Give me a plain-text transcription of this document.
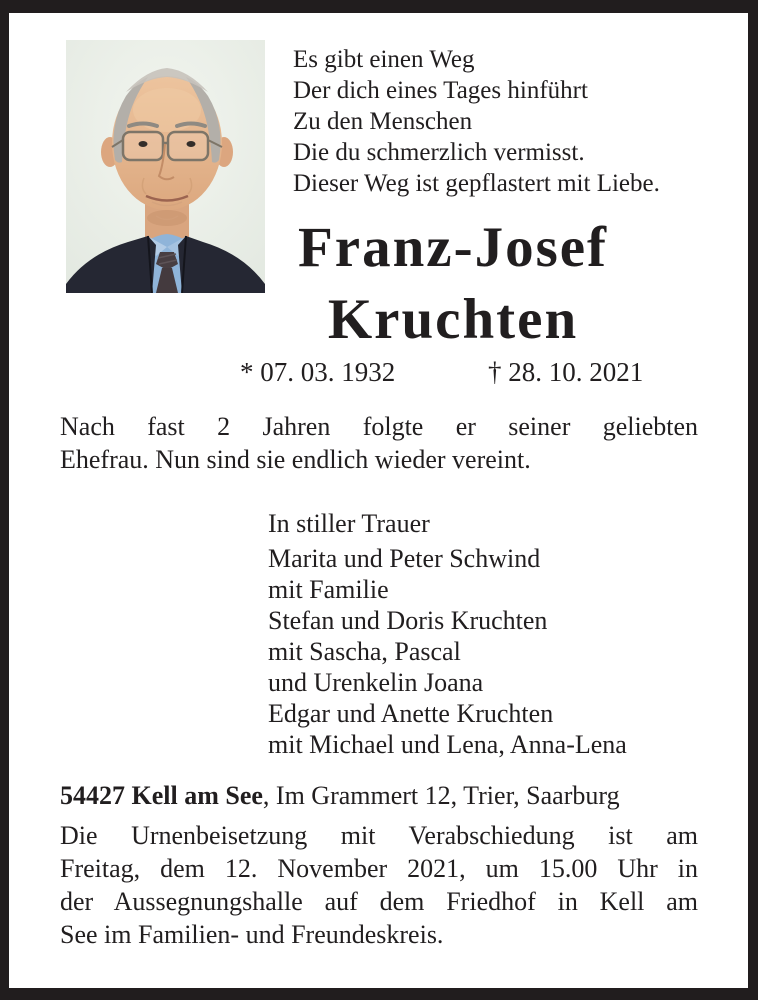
Es gibt einen Weg
Der dich eines Tages hinführt
Zu den Menschen
Die du schmerzlich vermisst.
Dieser Weg ist gepflastert mit Liebe.
Franz-Josef
Kruchten
* 07. 03. 1932	† 28. 10. 2021
Nach fast 2 Jahren folgte er seiner geliebten
Ehefrau. Nun sind sie endlich wieder vereint.
In stiller Trauer
Marita und Peter Schwind
mit Familie
Stefan und Doris Kruchten
mit Sascha, Pascal
und Urenkelin Joana
Edgar und Anette Kruchten
mit Michael und Lena, Anna-Lena
54427 Kell am See, Im Grammert 12, Trier, Saarburg
Die Urnenbeisetzung mit Verabschiedung ist am
Freitag, dem 12. November 2021, um 15.00 Uhr in
der Aussegnungshalle auf dem Friedhof in Kell am
See im Familien- und Freundeskreis.
